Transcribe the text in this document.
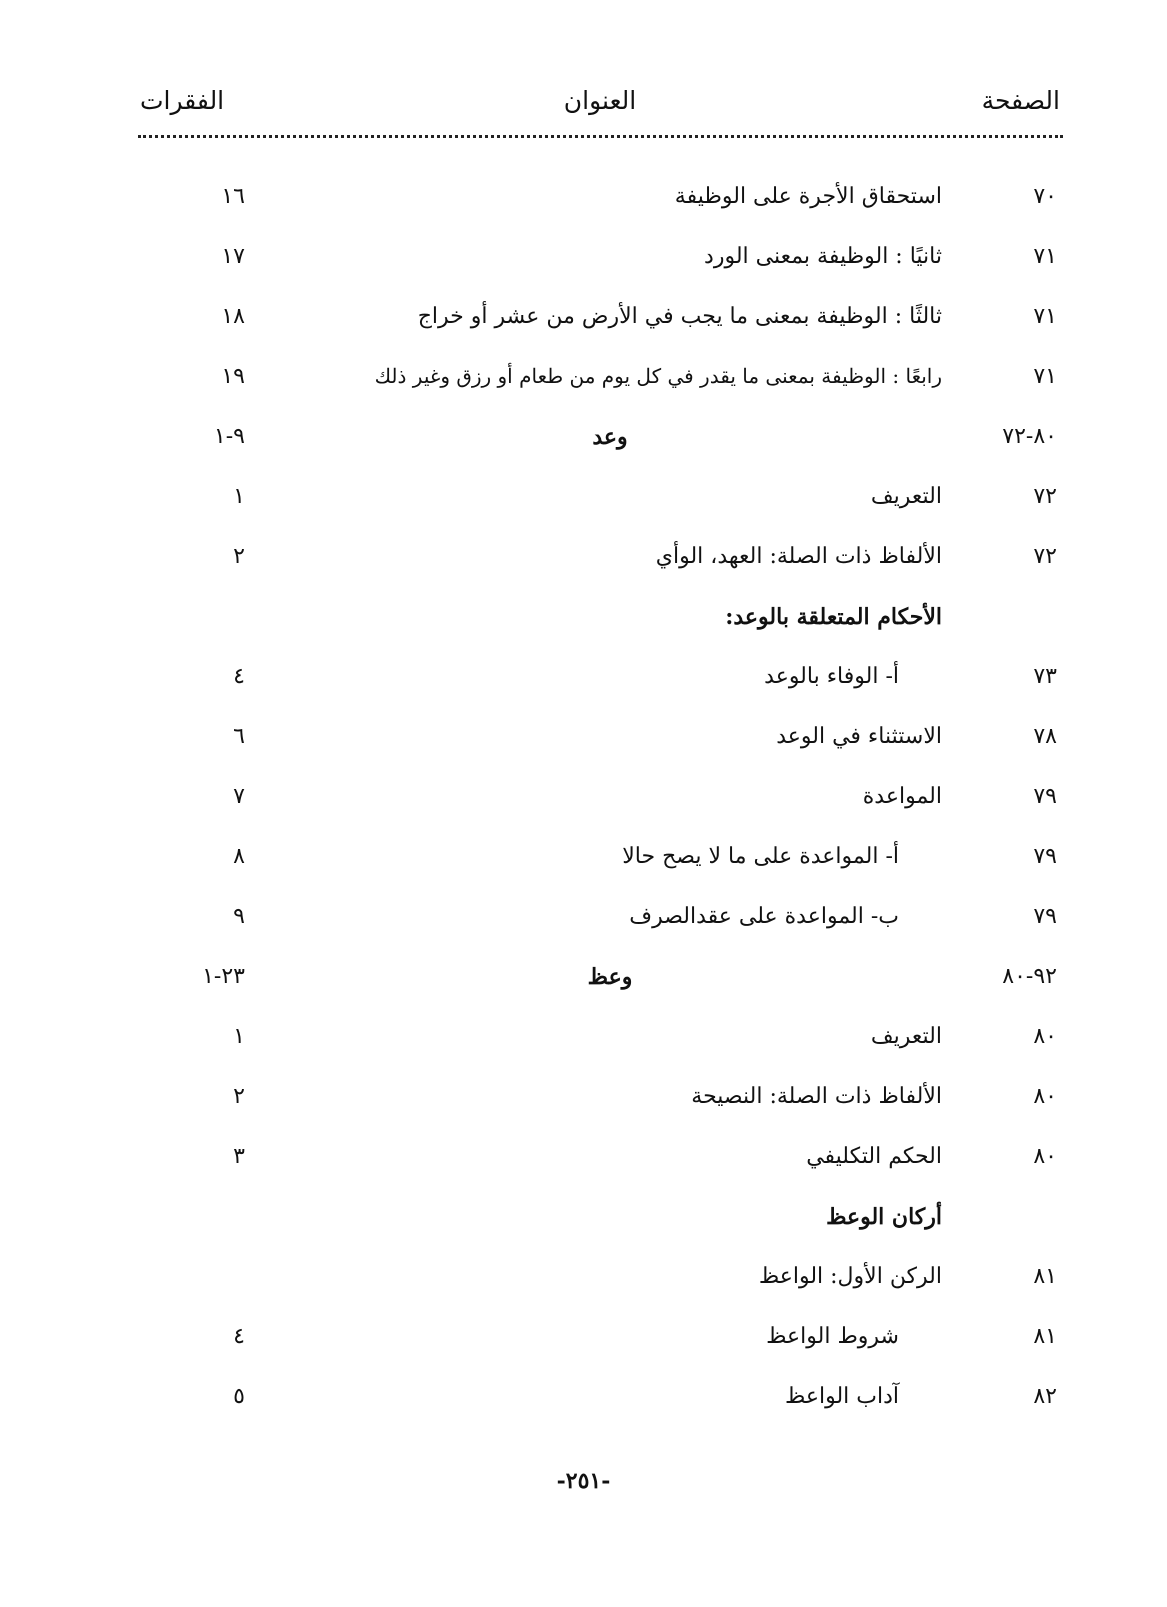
الصفحة
العنوان
الفقرات
٧٠
استحقاق الأجرة على الوظيفة
١٦
٧١
ثانيًا : الوظيفة بمعنى الورد
١٧
٧١
ثالثًا : الوظيفة بمعنى ما يجب في الأرض من عشر أو خراج
١٨
٧١
رابعًا : الوظيفة بمعنى ما يقدر في كل يوم من طعام أو رزق وغير ذلك
١٩
٨٠-٧٢
وعد
٩-١
٧٢
التعريف
١
٧٢
الألفاظ ذات الصلة: العهد، الوأي
٢
الأحكام المتعلقة بالوعد:
٧٣
أ- الوفاء بالوعد
٤
٧٨
الاستثناء في الوعد
٦
٧٩
المواعدة
٧
٧٩
أ- المواعدة على ما لا يصح حالا
٨
٧٩
ب- المواعدة على عقدالصرف
٩
٩٢-٨٠
وعظ
٢٣-١
٨٠
التعريف
١
٨٠
الألفاظ ذات الصلة: النصيحة
٢
٨٠
الحكم التكليفي
٣
أركان الوعظ
٨١
الركن الأول: الواعظ
٨١
شروط الواعظ
٤
٨٢
آداب الواعظ
٥
-٢٥١-
